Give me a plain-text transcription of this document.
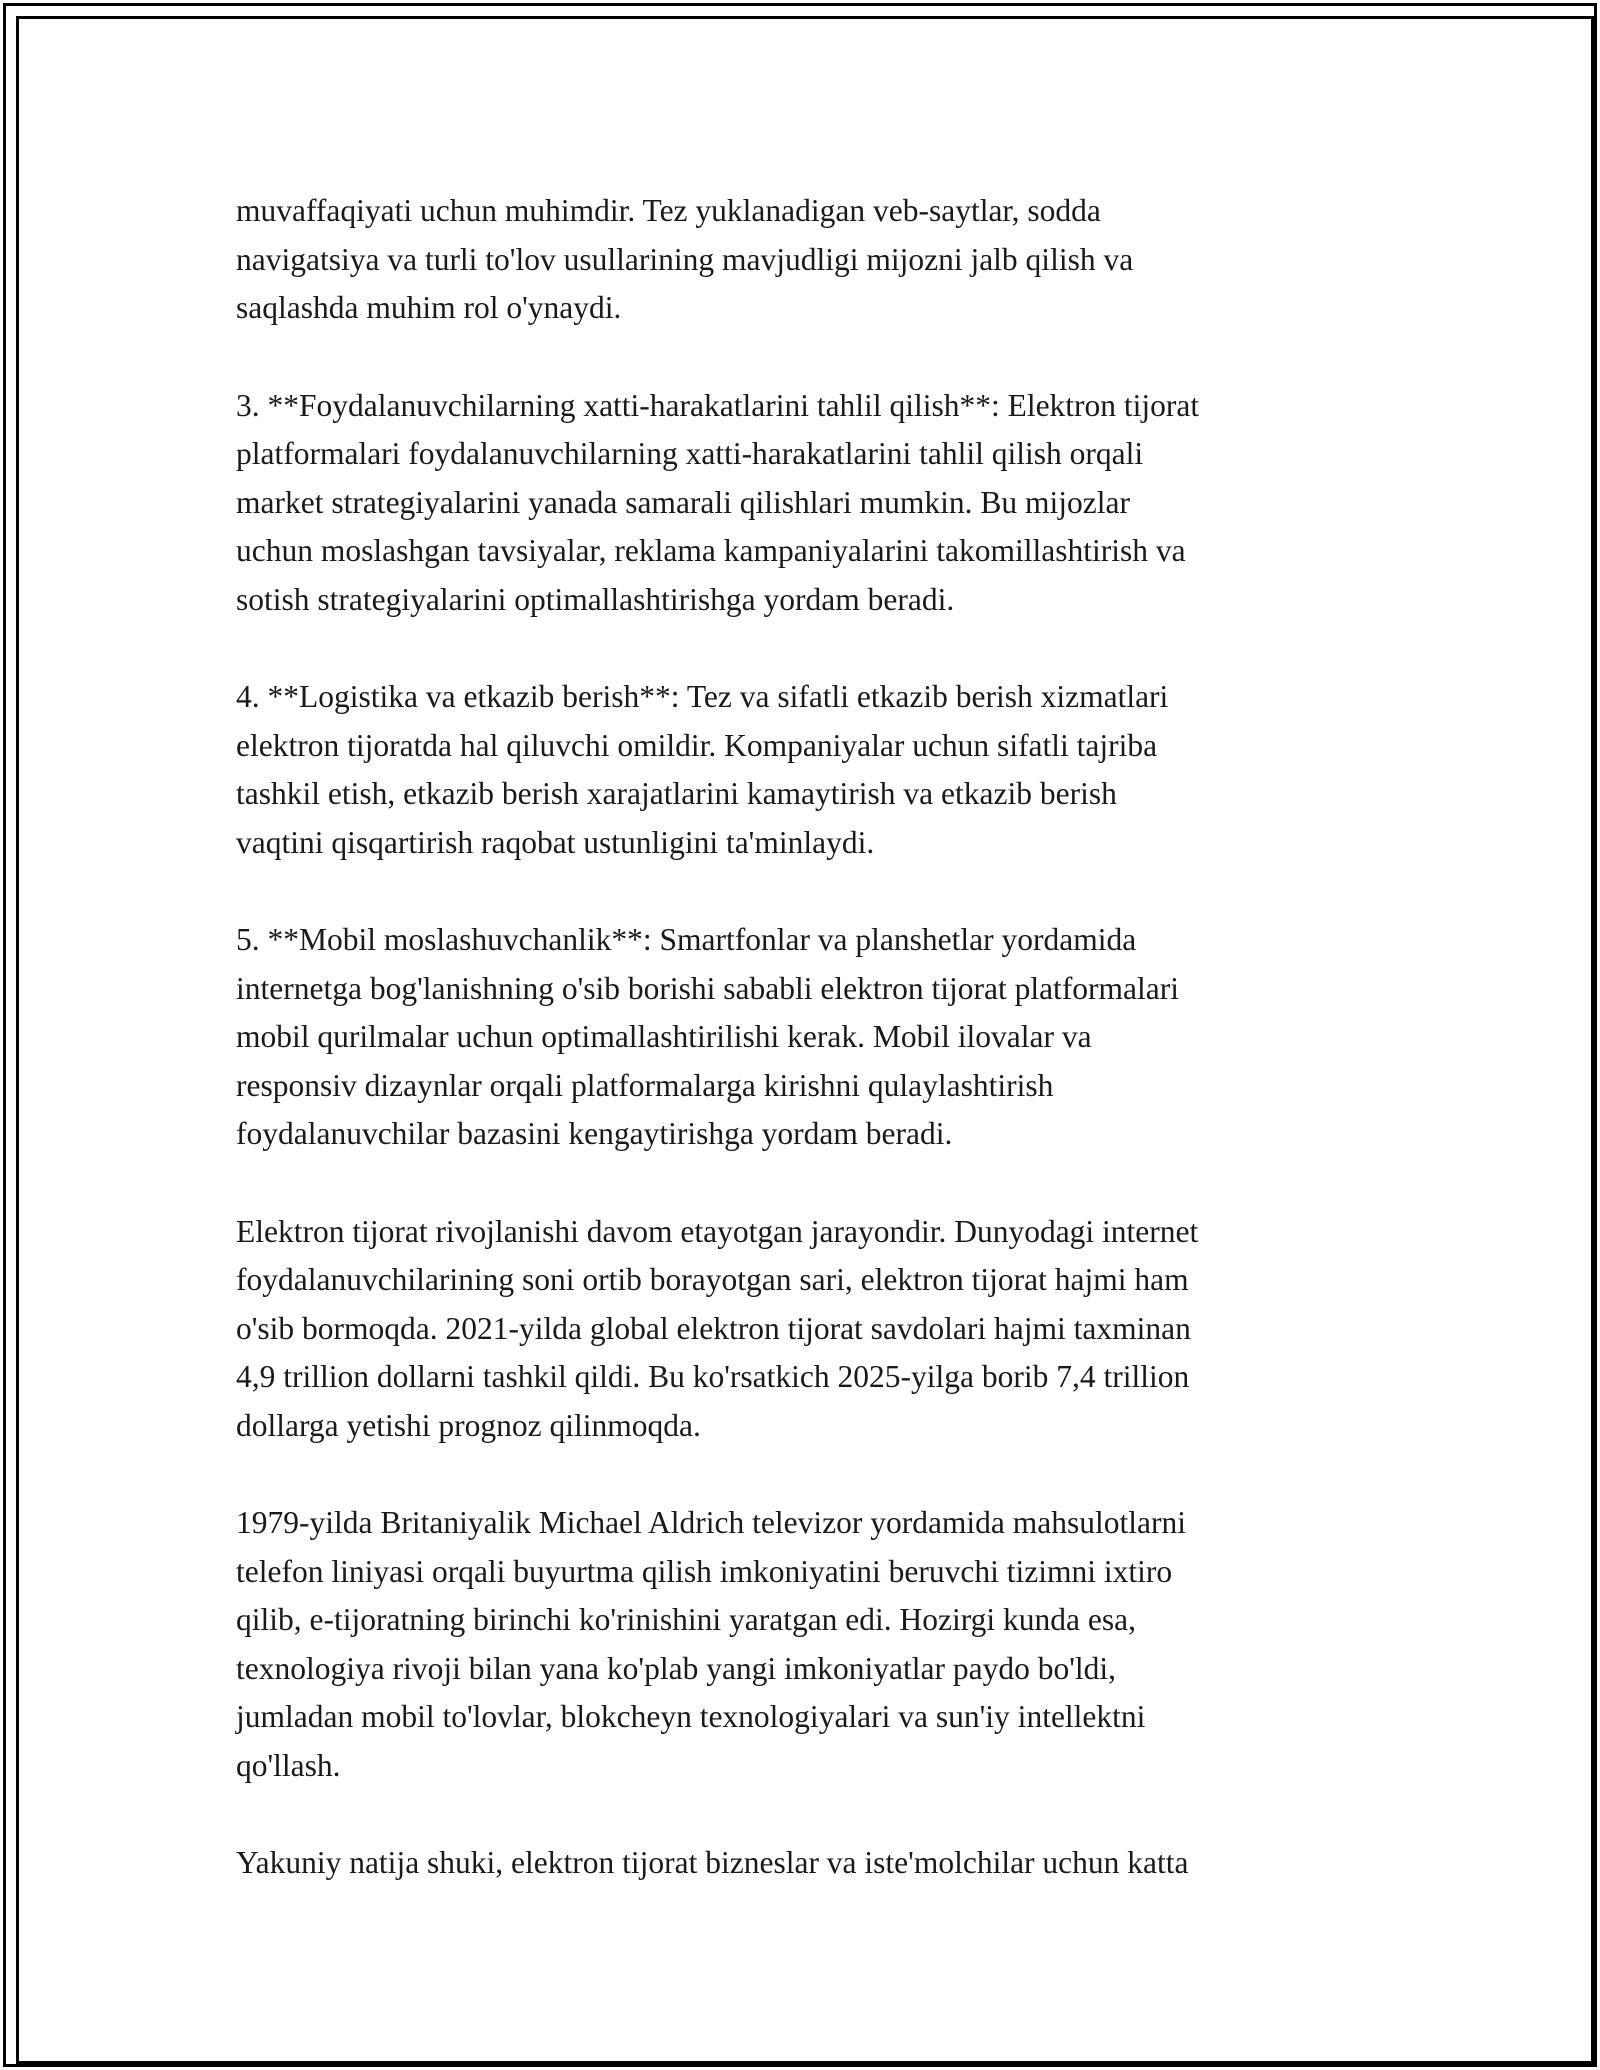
muvaffaqiyati uchun muhimdir. Tez yuklanadigan veb-saytlar, sodda
navigatsiya va turli to'lov usullarining mavjudligi mijozni jalb qilish va
saqlashda muhim rol o'ynaydi.

3. **Foydalanuvchilarning xatti-harakatlarini tahlil qilish**: Elektron tijorat
platformalari foydalanuvchilarning xatti-harakatlarini tahlil qilish orqali
market strategiyalarini yanada samarali qilishlari mumkin. Bu mijozlar
uchun moslashgan tavsiyalar, reklama kampaniyalarini takomillashtirish va
sotish strategiyalarini optimallashtirishga yordam beradi.

4. **Logistika va etkazib berish**: Tez va sifatli etkazib berish xizmatlari
elektron tijoratda hal qiluvchi omildir. Kompaniyalar uchun sifatli tajriba
tashkil etish, etkazib berish xarajatlarini kamaytirish va etkazib berish
vaqtini qisqartirish raqobat ustunligini ta'minlaydi.

5. **Mobil moslashuvchanlik**: Smartfonlar va planshetlar yordamida
internetga bog'lanishning o'sib borishi sababli elektron tijorat platformalari
mobil qurilmalar uchun optimallashtirilishi kerak. Mobil ilovalar va
responsiv dizaynlar orqali platformalarga kirishni qulaylashtirish
foydalanuvchilar bazasini kengaytirishga yordam beradi.

Elektron tijorat rivojlanishi davom etayotgan jarayondir. Dunyodagi internet
foydalanuvchilarining soni ortib borayotgan sari, elektron tijorat hajmi ham
o'sib bormoqda. 2021-yilda global elektron tijorat savdolari hajmi taxminan
4,9 trillion dollarni tashkil qildi. Bu ko'rsatkich 2025-yilga borib 7,4 trillion
dollarga yetishi prognoz qilinmoqda.

1979-yilda Britaniyalik Michael Aldrich televizor yordamida mahsulotlarni
telefon liniyasi orqali buyurtma qilish imkoniyatini beruvchi tizimni ixtiro
qilib, e-tijoratning birinchi ko'rinishini yaratgan edi. Hozirgi kunda esa,
texnologiya rivoji bilan yana ko'plab yangi imkoniyatlar paydo bo'ldi,
jumladan mobil to'lovlar, blokcheyn texnologiyalari va sun'iy intellektni
qo'llash.

Yakuniy natija shuki, elektron tijorat bizneslar va iste'molchilar uchun katta
